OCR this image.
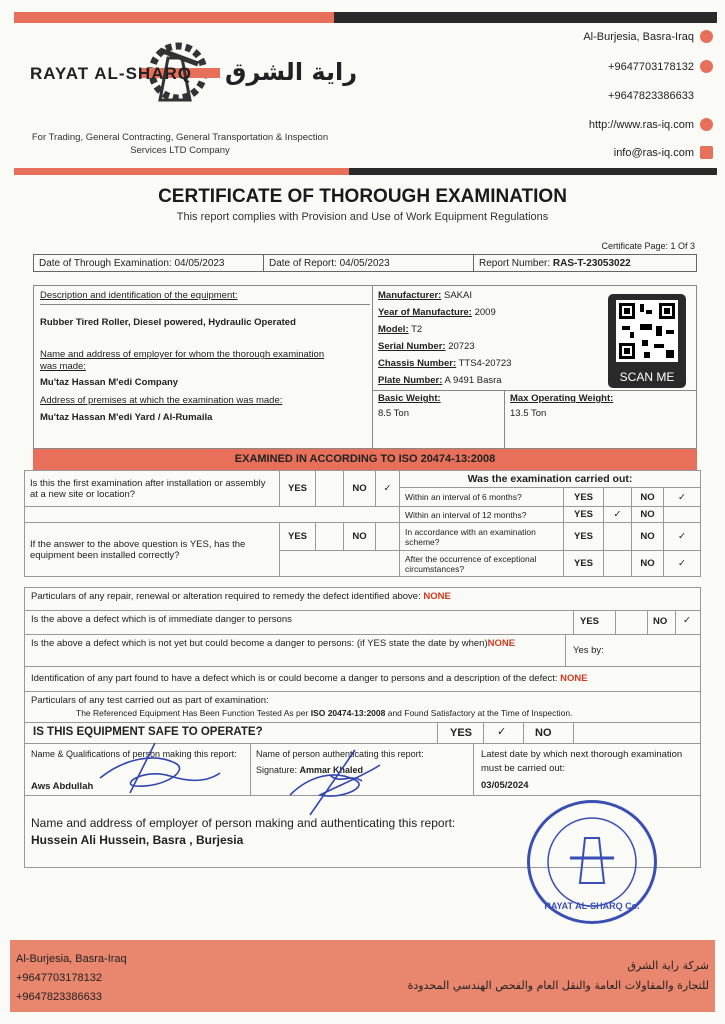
RAYAT AL-SHARQ راية الشرق
For Trading, General Contracting, General Transportation & Inspection Services LTD Company
Al-Burjesia, Basra-Iraq
+9647703178132
+9647823386633
http://www.ras-iq.com
info@ras-iq.com
CERTIFICATE OF THOROUGH EXAMINATION
This report complies with Provision and Use of Work Equipment Regulations
Certificate Page: 1 Of 3
Date of Through Examination: 04/05/2023	Date of Report: 04/05/2023	Report Number: RAS-T-23053022
Description and identification of the equipment:
Rubber Tired Roller, Diesel powered, Hydraulic Operated
Name and address of employer for whom the thorough examination was made:
Mu'taz Hassan M'edi Company
Address of premises at which the examination was made:
Mu'taz Hassan M'edi Yard / Al-Rumaila
Manufacturer: SAKAI
Year of Manufacture: 2009
Model: T2
Serial Number: 20723
Chassis Number: TTS4-20723
Plate Number: A 9491 Basra
Basic Weight:
8.5 Ton
Max Operating Weight:
13.5 Ton
SCAN ME
EXAMINED IN ACCORDING TO ISO 20474-13:2008
Is this the first examination after installation or assembly at a new site or location?	YES		NO	✓	Was the examination carried out:				
					Within an interval of 6 months?	YES		NO	✓
					Within an interval of 12 months?	YES	✓	NO	
If the answer to the above question is YES, has the equipment been installed correctly?	YES		NO		In accordance with an examination scheme?	YES		NO	✓
					After the occurrence of exceptional circumstances?	YES		NO	✓
Particulars of any repair, renewal or alteration required to remedy the defect identified above: NONE
Is the above a defect which is of immediate danger to persons	YES	NO ✓
Is the above a defect which is not yet but could become a danger to persons: (if YES state the date by when)NONE
Yes by:
Identification of any part found to have a defect which is or could become a danger to persons and a description of the defect: NONE
Particulars of any test carried out as part of examination:
The Referenced Equipment Has Been Function Tested As per ISO 20474-13:2008 and Found Satisfactory at the Time of Inspection.
IS THIS EQUIPMENT SAFE TO OPERATE?	YES ✓	NO
Name & Qualifications of person making this report:
Aws Abdullah
Name of person authenticating this report:
Signature: Ammar Khaled
Latest date by which next thorough examination must be carried out:
03/05/2024
Name and address of employer of person making and authenticating this report:
Hussein Ali Hussein, Basra , Burjesia
RAYAT AL-SHARQ Co.
Al-Burjesia, Basra-Iraq
+9647703178132
+9647823386633
شركة راية الشرق
للتجارة والمقاولات العامة والنقل العام والفحص الهندسي المحدودة
